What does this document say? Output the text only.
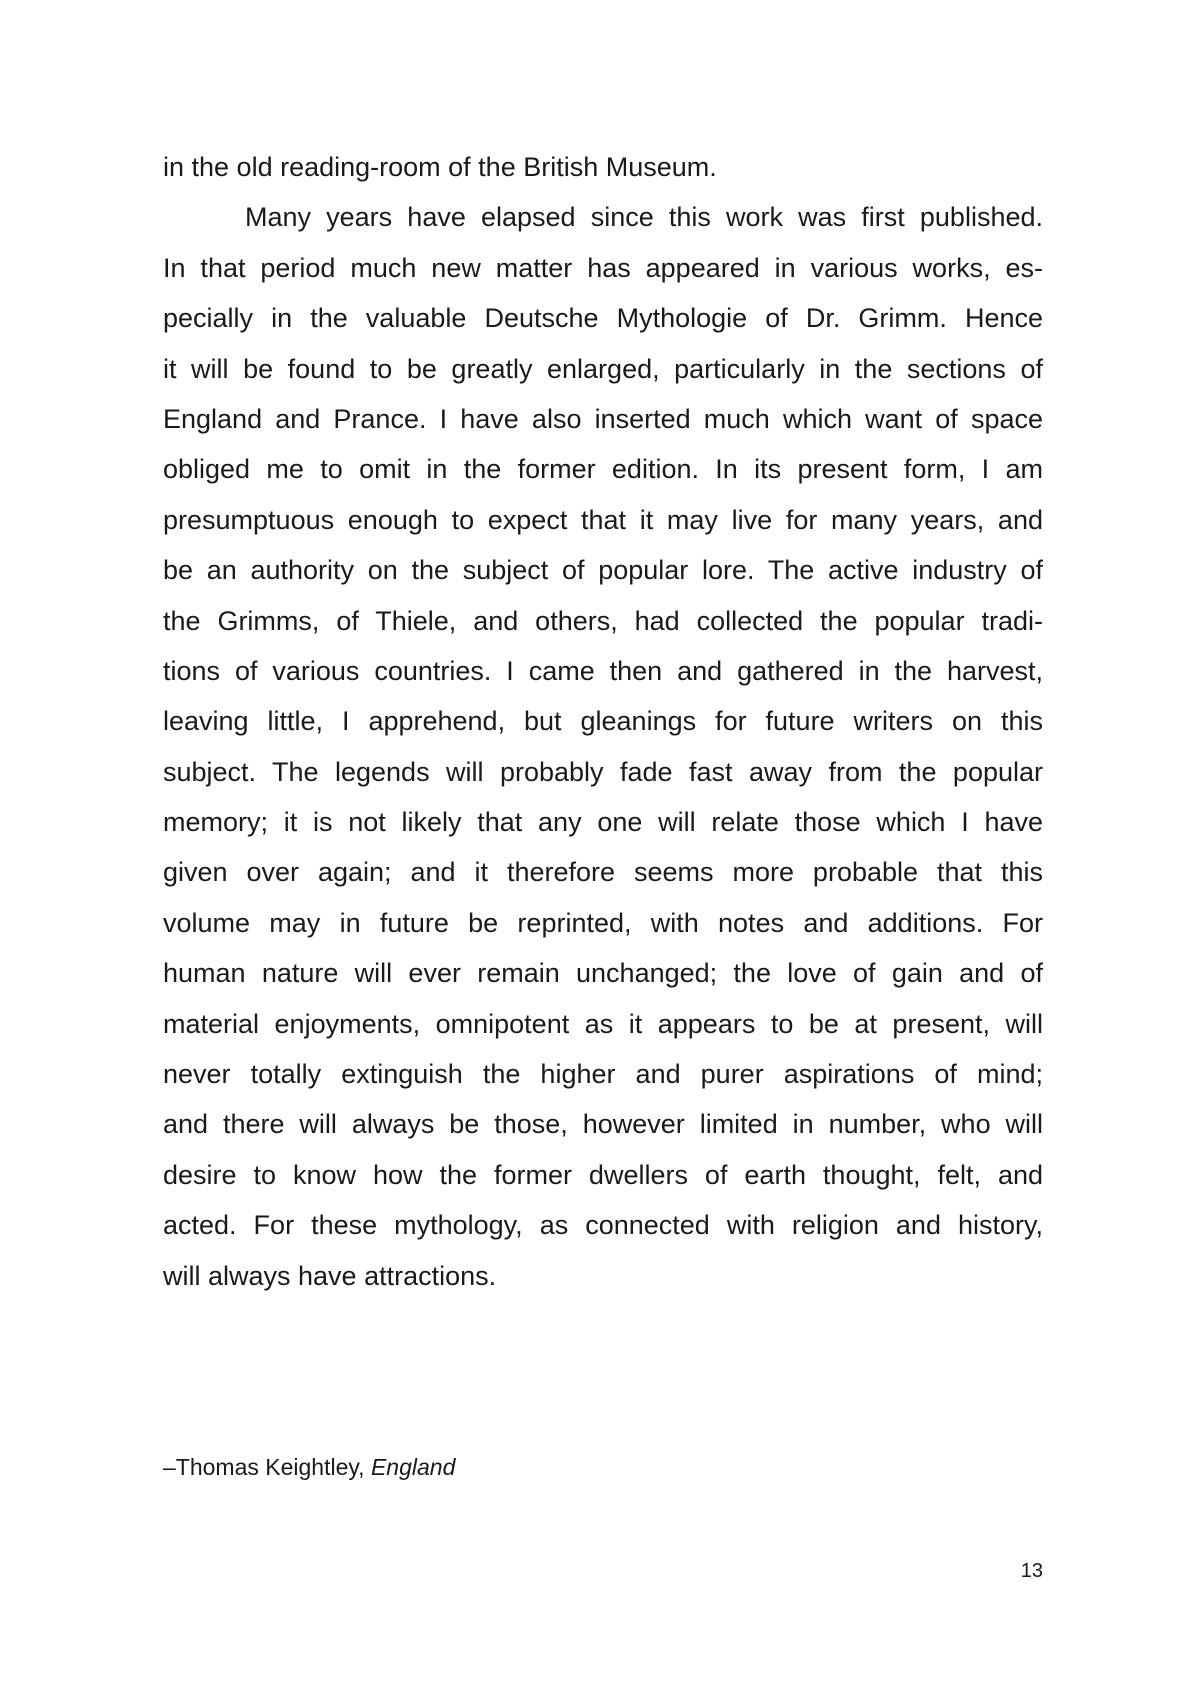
in the old reading-room of the British Museum.
Many years have elapsed since this work was first published.
In that period much new matter has appeared in various works, es-
pecially in the valuable Deutsche Mythologie of Dr. Grimm. Hence
it will be found to be greatly enlarged, particularly in the sections of
England and Prance. I have also inserted much which want of space
obliged me to omit in the former edition. In its present form, I am
presumptuous enough to expect that it may live for many years, and
be an authority on the subject of popular lore. The active industry of
the Grimms, of Thiele, and others, had collected the popular tradi-
tions of various countries. I came then and gathered in the harvest,
leaving little, I apprehend, but gleanings for future writers on this
subject. The legends will probably fade fast away from the popular
memory; it is not likely that any one will relate those which I have
given over again; and it therefore seems more probable that this
volume may in future be reprinted, with notes and additions. For
human nature will ever remain unchanged; the love of gain and of
material enjoyments, omnipotent as it appears to be at present, will
never totally extinguish the higher and purer aspirations of mind;
and there will always be those, however limited in number, who will
desire to know how the former dwellers of earth thought, felt, and
acted. For these mythology, as connected with religion and history,
will always have attractions.
–Thomas Keightley, England
13
